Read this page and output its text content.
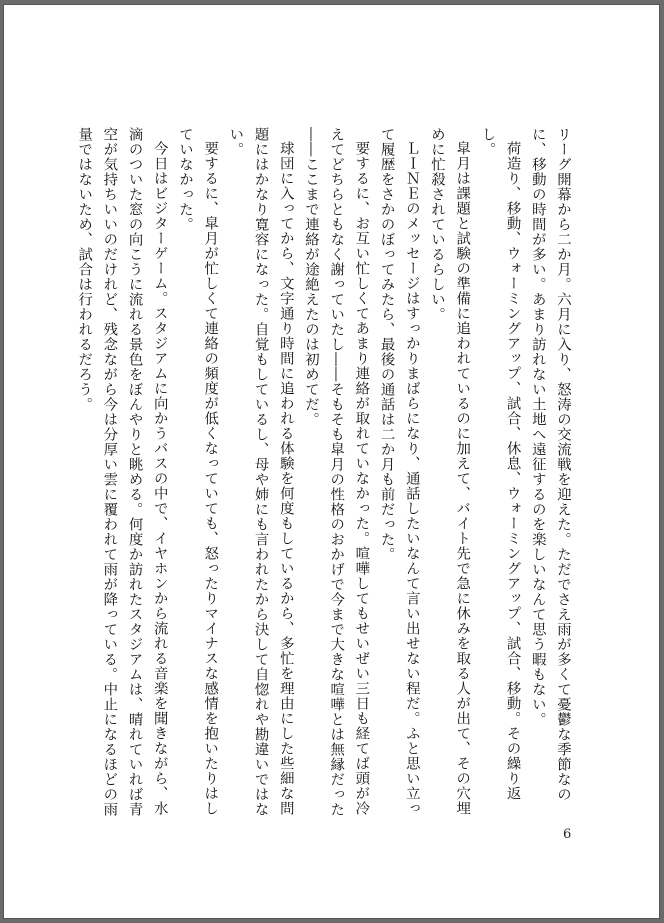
リーグ開幕から二か月。六月に入り、怒涛の交流戦を迎えた。ただでさえ雨が多くて憂鬱な季節なのに、移動の時間が多い。あまり訪れない土地へ遠征するのを楽しいなんて思う暇もない。

荷造り、移動、ウォーミングアップ、試合、休息、ウォーミングアップ、試合、移動。その繰り返し。

皐月は課題と試験の準備に追われているのに加えて、バイト先で急に休みを取る人が出て、その穴埋めに忙殺されているらしい。

ＬＩＮＥのメッセージはすっかりまばらになり、通話したいなんて言い出せない程だ。ふと思い立って履歴をさかのぼってみたら、最後の通話は二か月も前だった。

要するに、お互い忙しくてあまり連絡が取れていなかった。喧嘩してもせいぜい三日も経てば頭が冷えてどちらともなく謝っていたし――そもそも皐月の性格のおかげで今まで大きな喧嘩とは無縁だった――ここまで連絡が途絶えたのは初めてだ。

球団に入ってから、文字通り時間に追われる体験を何度もしているから、多忙を理由にした些細な問題にはかなり寛容になった。自覚もしているし、母や姉にも言われたから決して自惚れや勘違いではない。

要するに、皐月が忙しくて連絡の頻度が低くなっていても、怒ったりマイナスな感情を抱いたりはしていなかった。

今日はビジターゲーム。スタジアムに向かうバスの中で、イヤホンから流れる音楽を聞きながら、水滴のついた窓の向こうに流れる景色をぼんやりと眺める。何度か訪れたスタジアムは、晴れていれば青空が気持ちいいのだけれど、残念ながら今は分厚い雲に覆われて雨が降っている。中止になるほどの雨量ではないため、試合は行われるだろう。

6
